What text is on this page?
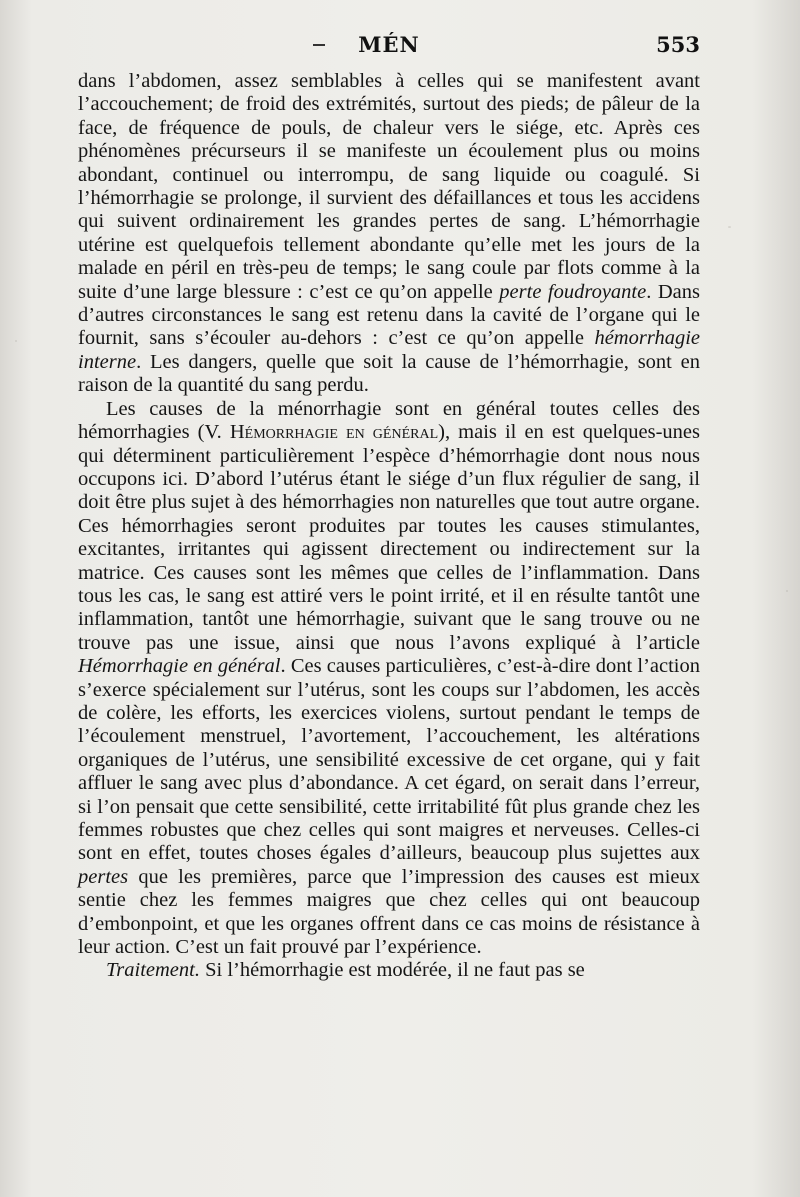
MÉN	553

dans l’abdomen, assez semblables à celles qui se manifestent avant l’accouchement; de froid des extrémités, surtout des pieds; de pâleur de la face, de fréquence de pouls, de chaleur vers le siége, etc. Après ces phénomènes précurseurs il se manifeste un écoulement plus ou moins abondant, continuel ou interrompu, de sang liquide ou coagulé. Si l’hémorrhagie se prolonge, il survient des défaillances et tous les accidens qui suivent ordinairement les grandes pertes de sang. L’hémorrhagie utérine est quelquefois tellement abondante qu’elle met les jours de la malade en péril en très-peu de temps; le sang coule par flots comme à la suite d’une large blessure : c’est ce qu’on appelle perte foudroyante. Dans d’autres circonstances le sang est retenu dans la cavité de l’organe qui le fournit, sans s’écouler au-dehors : c’est ce qu’on appelle hémorrhagie interne. Les dangers, quelle que soit la cause de l’hémorrhagie, sont en raison de la quantité du sang perdu.

Les causes de la ménorrhagie sont en général toutes celles des hémorrhagies (V. Hémorrhagie en général), mais il en est quelques-unes qui déterminent particulièrement l’espèce d’hémorrhagie dont nous nous occupons ici. D’abord l’utérus étant le siége d’un flux régulier de sang, il doit être plus sujet à des hémorrhagies non naturelles que tout autre organe. Ces hémorrhagies seront produites par toutes les causes stimulantes, excitantes, irritantes qui agissent directement ou indirectement sur la matrice. Ces causes sont les mêmes que celles de l’inflammation. Dans tous les cas, le sang est attiré vers le point irrité, et il en résulte tantôt une inflammation, tantôt une hémorrhagie, suivant que le sang trouve ou ne trouve pas une issue, ainsi que nous l’avons expliqué à l’article Hémorrhagie en général. Ces causes particulières, c’est-à-dire dont l’action s’exerce spécialement sur l’utérus, sont les coups sur l’abdomen, les accès de colère, les efforts, les exercices violens, surtout pendant le temps de l’écoulement menstruel, l’avortement, l’accouchement, les altérations organiques de l’utérus, une sensibilité excessive de cet organe, qui y fait affluer le sang avec plus d’abondance. A cet égard, on serait dans l’erreur, si l’on pensait que cette sensibilité, cette irritabilité fût plus grande chez les femmes robustes que chez celles qui sont maigres et nerveuses. Celles-ci sont en effet, toutes choses égales d’ailleurs, beaucoup plus sujettes aux pertes que les premières, parce que l’impression des causes est mieux sentie chez les femmes maigres que chez celles qui ont beaucoup d’embonpoint, et que les organes offrent dans ce cas moins de résistance à leur action. C’est un fait prouvé par l’expérience.

Traitement. Si l’hémorrhagie est modérée, il ne faut pas se
